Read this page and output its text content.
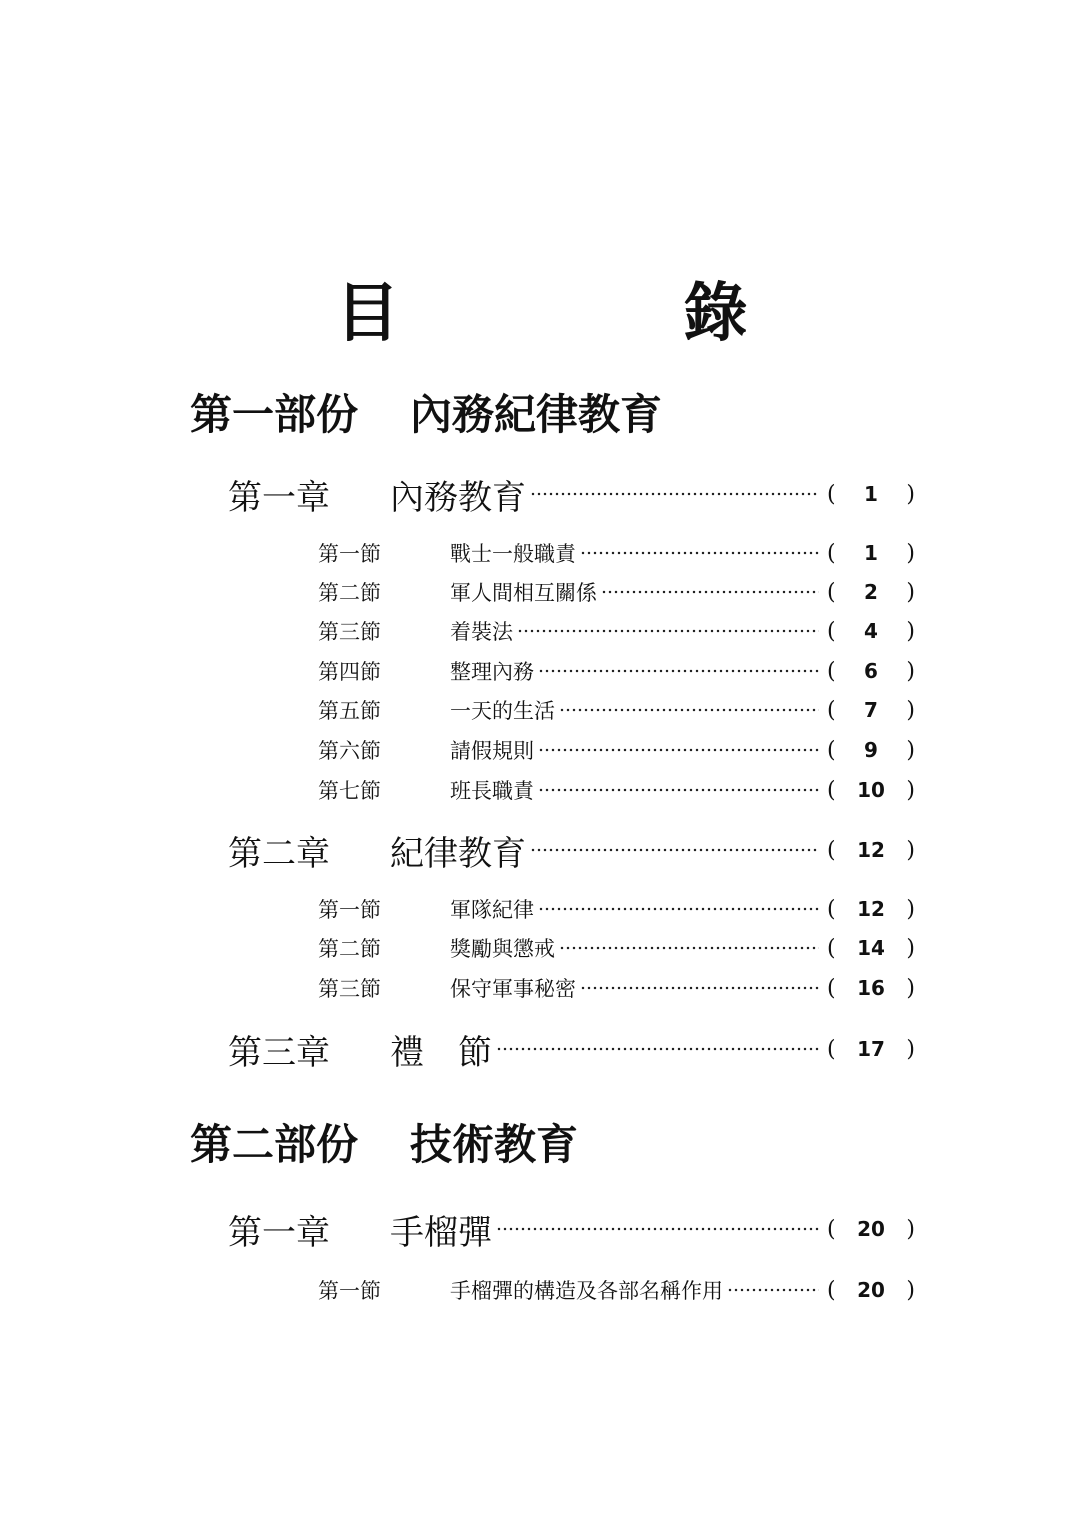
目　錄
第一部份 內務紀律教育
第一章	內務教育	(	1	)
第一節	戰士一般職責	(	1	)
第二節	軍人間相互關係	(	2	)
第三節	着裝法	(	4	)
第四節	整理內務	(	6	)
第五節	一天的生活	(	7	)
第六節	請假規則	(	9	)
第七節	班長職責	(	10 )
第二章	紀律教育	(	12 )
第一節	軍隊紀律	(	12 )
第二節	獎勵與懲戒	(	14 )
第三節	保守軍事秘密	(	16 )
第三章	禮　節	(	17 )
第二部份 技術教育
第一章	手榴彈	(	20 )
第一節	手榴彈的構造及各部名稱作用	(	20 )
